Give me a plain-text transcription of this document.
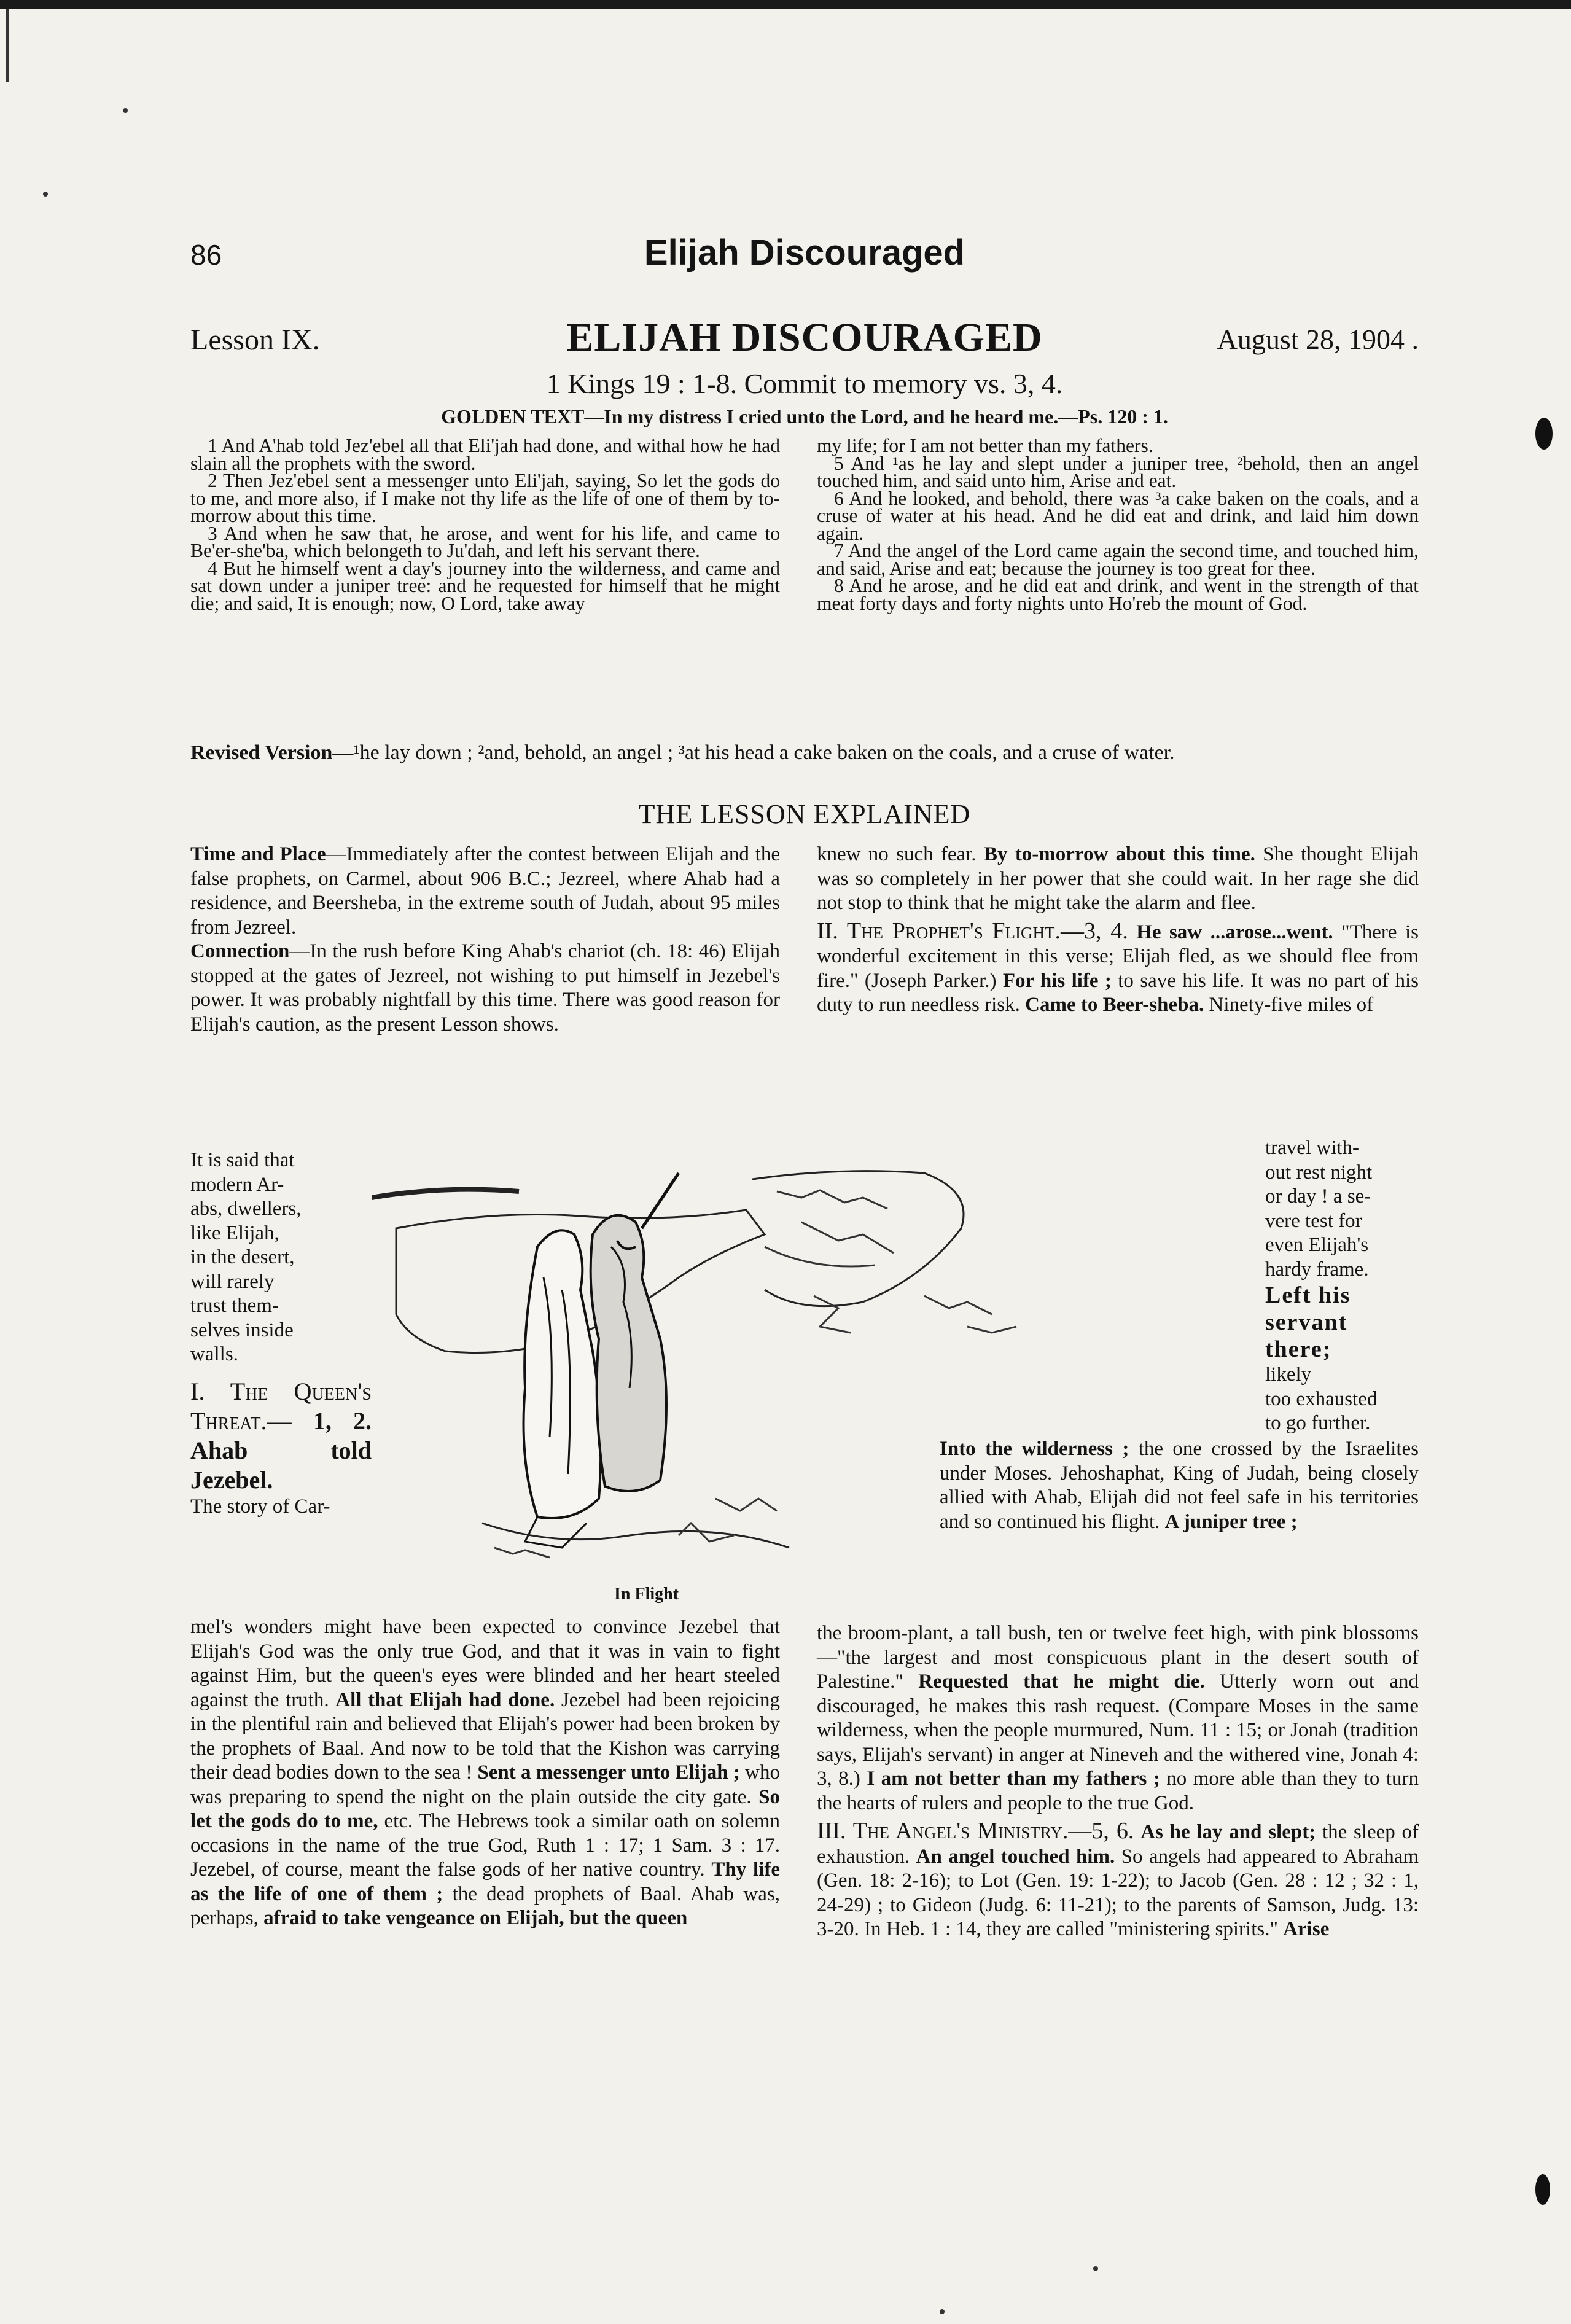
86	Elijah Discouraged
Lesson IX.	ELIJAH DISCOURAGED	August 28, 1904 .
1 Kings 19 : 1-8. Commit to memory vs. 3, 4.
GOLDEN TEXT—In my distress I cried unto the Lord, and he heard me.—Ps. 120 : 1.

1 And A'hab told Jez'ebel all that Eli'jah had done, and withal how he had slain all the prophets with the sword.

2 Then Jez'ebel sent a messenger unto Eli'jah, saying, So let the gods do to me, and more also, if I make not thy life as the life of one of them by to-morrow about this time.

3 And when he saw that, he arose, and went for his life, and came to Be'er-she'ba, which belongeth to Ju'dah, and left his servant there.

4 But he himself went a day's journey into the wilderness, and came and sat down under a juniper tree: and he requested for himself that he might die; and said, It is enough; now, O Lord, take away

my life; for I am not better than my fathers.

5 And ¹as he lay and slept under a juniper tree, ²behold, then an angel touched him, and said unto him, Arise and eat.

6 And he looked, and behold, there was ³a cake baken on the coals, and a cruse of water at his head. And he did eat and drink, and laid him down again.

7 And the angel of the Lord came again the second time, and touched him, and said, Arise and eat; because the journey is too great for thee.

8 And he arose, and he did eat and drink, and went in the strength of that meat forty days and forty nights unto Ho'reb the mount of God.

Revised Version—¹he lay down ; ²and, behold, an angel ; ³at his head a cake baken on the coals, and a cruse of water.
THE LESSON EXPLAINED

Time and Place—Immediately after the contest between Elijah and the false prophets, on Carmel, about 906 B.C.; Jezreel, where Ahab had a residence, and Beersheba, in the extreme south of Judah, about 95 miles from Jezreel.

Connection—In the rush before King Ahab's chariot (ch. 18: 46) Elijah stopped at the gates of Jezreel, not wishing to put himself in Jezebel's power. It was probably nightfall by this time. There was good reason for Elijah's caution, as the present Lesson shows.

It is said that
modern Ar-
abs, dwellers,
like Elijah,
in the desert,
will rarely
trust them-
selves inside
walls.
I. The Queen's Threat.— 1, 2. Ahab told Jezebel.
The story of Car-
In Flight

mel's wonders might have been expected to convince Jezebel that Elijah's God was the only true God, and that it was in vain to fight against Him, but the queen's eyes were blinded and her heart steeled against the truth. All that Elijah had done. Jezebel had been rejoicing in the plentiful rain and believed that Elijah's power had been broken by the prophets of Baal. And now to be told that the Kishon was carrying their dead bodies down to the sea ! Sent a messenger unto Elijah ; who was preparing to spend the night on the plain outside the city gate. So let the gods do to me, etc. The Hebrews took a similar oath on solemn occasions in the name of the true God, Ruth 1 : 17; 1 Sam. 3 : 17. Jezebel, of course, meant the false gods of her native country. Thy life as the life of one of them ; the dead prophets of Baal. Ahab was, perhaps, afraid to take vengeance on Elijah, but the queen

knew no such fear. By to-morrow about this time. She thought Elijah was so completely in her power that she could wait. In her rage she did not stop to think that he might take the alarm and flee.

II. The Prophet's Flight.—3, 4. He saw ...arose...went. "There is wonderful excitement in this verse; Elijah fled, as we should flee from fire." (Joseph Parker.) For his life ; to save his life. It was no part of his duty to run needless risk. Came to Beer-sheba. Ninety-five miles of

travel with-
out rest night
or day ! a se-
vere test for
even Elijah's
hardy frame.
Left his servant there;
likely
too exhausted
to go further.

Into the wilderness ; the one crossed by the Israelites under Moses. Jehoshaphat, King of Judah, being closely allied with Ahab, Elijah did not feel safe in his territories and so continued his flight. A juniper tree ;

the broom-plant, a tall bush, ten or twelve feet high, with pink blossoms—"the largest and most conspicuous plant in the desert south of Palestine." Requested that he might die. Utterly worn out and discouraged, he makes this rash request. (Compare Moses in the same wilderness, when the people murmured, Num. 11 : 15; or Jonah (tradition says, Elijah's servant) in anger at Nineveh and the withered vine, Jonah 4: 3, 8.) I am not better than my fathers ; no more able than they to turn the hearts of rulers and people to the true God.

III. The Angel's Ministry.—5, 6. As he lay and slept; the sleep of exhaustion. An angel touched him. So angels had appeared to Abraham (Gen. 18: 2-16); to Lot (Gen. 19: 1-22); to Jacob (Gen. 28 : 12 ; 32 : 1, 24-29) ; to Gideon (Judg. 6: 11-21); to the parents of Samson, Judg. 13: 3-20. In Heb. 1 : 14, they are called "ministering spirits." Arise
